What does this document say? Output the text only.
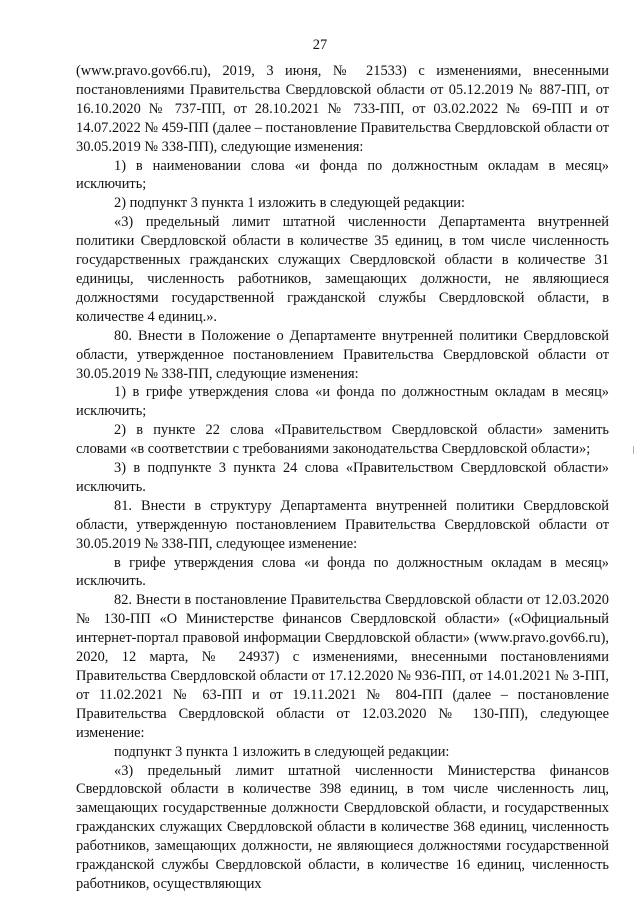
27

(www.pravo.gov66.ru), 2019, 3 июня, № 21533) с изменениями, внесенными постановлениями Правительства Свердловской области от 05.12.2019 № 887-ПП, от 16.10.2020 № 737-ПП, от 28.10.2021 № 733-ПП, от 03.02.2022 № 69-ПП и от 14.07.2022 № 459-ПП (далее – постановление Правительства Свердловской области от 30.05.2019 № 338-ПП), следующие изменения:

1) в наименовании слова «и фонда по должностным окладам в месяц» исключить;

2) подпункт 3 пункта 1 изложить в следующей редакции:

«3) предельный лимит штатной численности Департамента внутренней политики Свердловской области в количестве 35 единиц, в том числе численность государственных гражданских служащих Свердловской области в количестве 31 единицы, численность работников, замещающих должности, не являющиеся должностями государственной гражданской службы Свердловской области, в количестве 4 единиц.».

80. Внести в Положение о Департаменте внутренней политики Свердловской области, утвержденное постановлением Правительства Свердловской области от 30.05.2019 № 338-ПП, следующие изменения:

1) в грифе утверждения слова «и фонда по должностным окладам в месяц» исключить;

2) в пункте 22 слова «Правительством Свердловской области» заменить словами «в соответствии с требованиями законодательства Свердловской области»;

3) в подпункте 3 пункта 24 слова «Правительством Свердловской области» исключить.

81. Внести в структуру Департамента внутренней политики Свердловской области, утвержденную постановлением Правительства Свердловской области от 30.05.2019 № 338-ПП, следующее изменение:

в грифе утверждения слова «и фонда по должностным окладам в месяц» исключить.

82. Внести в постановление Правительства Свердловской области от 12.03.2020 № 130-ПП «О Министерстве финансов Свердловской области» («Официальный интернет-портал правовой информации Свердловской области» (www.pravo.gov66.ru), 2020, 12 марта, № 24937) с изменениями, внесенными постановлениями Правительства Свердловской области от 17.12.2020 № 936-ПП, от 14.01.2021 № 3-ПП, от 11.02.2021 № 63-ПП и от 19.11.2021 № 804-ПП (далее – постановление Правительства Свердловской области от 12.03.2020 № 130-ПП), следующее изменение:

подпункт 3 пункта 1 изложить в следующей редакции:

«3) предельный лимит штатной численности Министерства финансов Свердловской области в количестве 398 единиц, в том числе численность лиц, замещающих государственные должности Свердловской области, и государственных гражданских служащих Свердловской области в количестве 368 единиц, численность работников, замещающих должности, не являющиеся должностями государственной гражданской службы Свердловской области, в количестве 16 единиц, численность работников, осуществляющих
